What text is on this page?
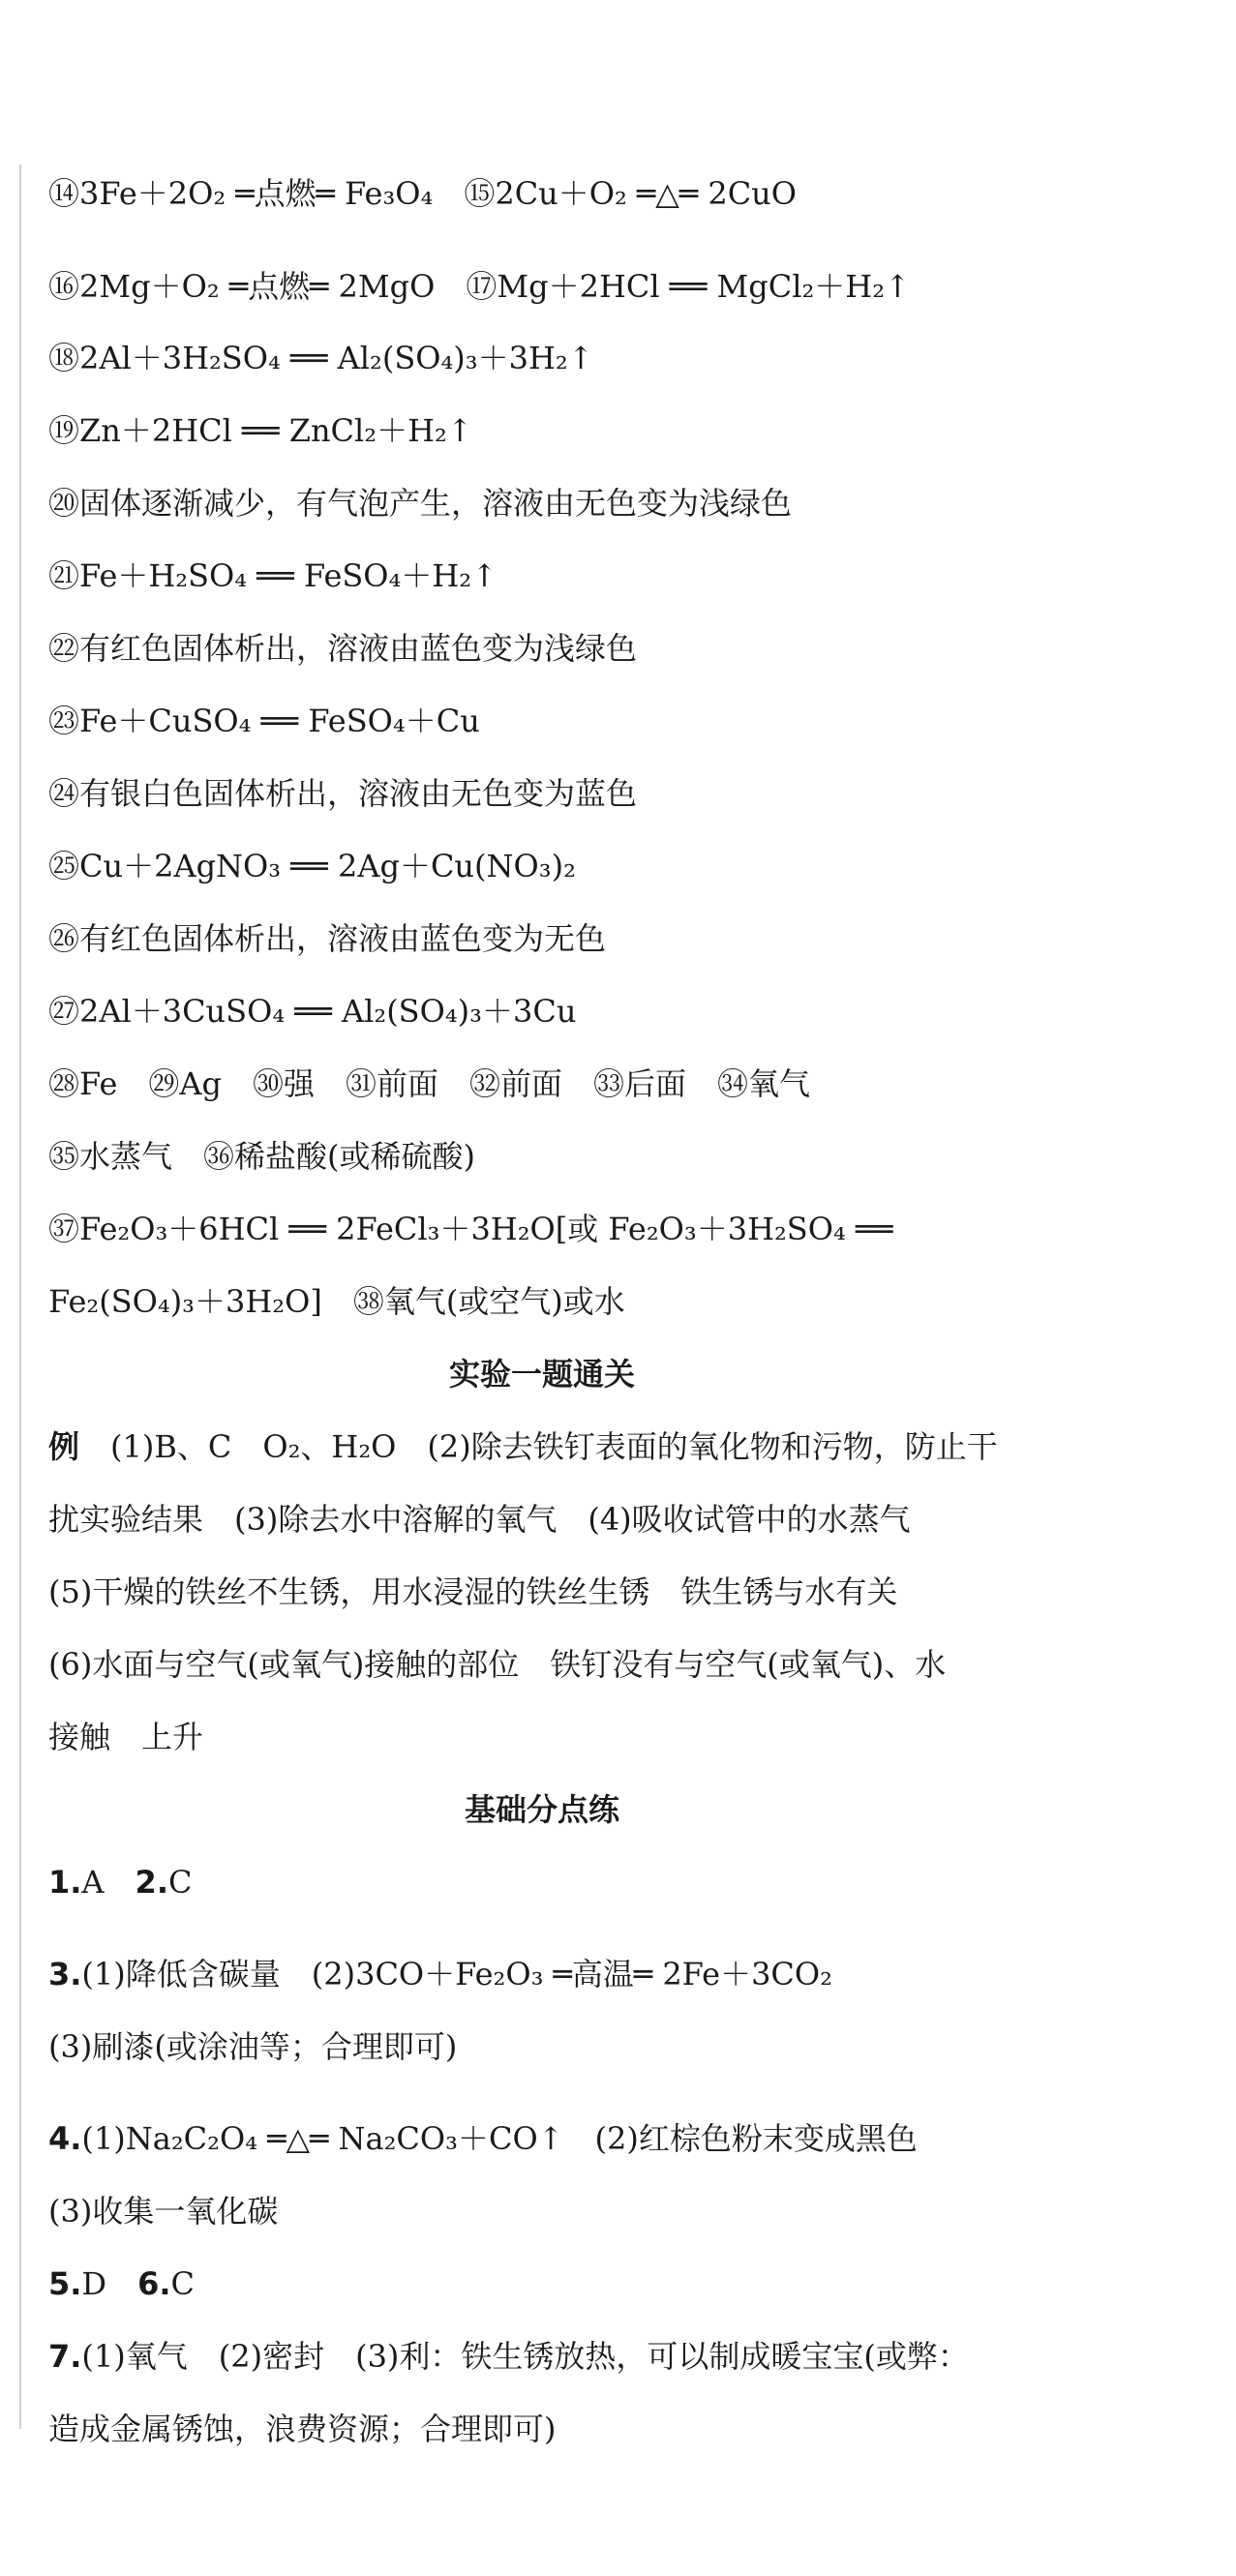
⑭3Fe＋2O₂ ═点燃═ Fe₃O₄　⑮2Cu＋O₂ ═△═ 2CuO
⑯2Mg＋O₂ ═点燃═ 2MgO　⑰Mg＋2HCl ══ MgCl₂＋H₂↑
⑱2Al＋3H₂SO₄ ══ Al₂(SO₄)₃＋3H₂↑
⑲Zn＋2HCl ══ ZnCl₂＋H₂↑
⑳固体逐渐减少，有气泡产生，溶液由无色变为浅绿色
㉑Fe＋H₂SO₄ ══ FeSO₄＋H₂↑
㉒有红色固体析出，溶液由蓝色变为浅绿色
㉓Fe＋CuSO₄ ══ FeSO₄＋Cu
㉔有银白色固体析出，溶液由无色变为蓝色
㉕Cu＋2AgNO₃ ══ 2Ag＋Cu(NO₃)₂
㉖有红色固体析出，溶液由蓝色变为无色
㉗2Al＋3CuSO₄ ══ Al₂(SO₄)₃＋3Cu
㉘Fe　㉙Ag　㉚强　㉛前面　㉜前面　㉝后面　㉞氧气
㉟水蒸气　㊱稀盐酸(或稀硫酸)
㊲Fe₂O₃＋6HCl ══ 2FeCl₃＋3H₂O[或 Fe₂O₃＋3H₂SO₄ ══
Fe₂(SO₄)₃＋3H₂O]　㊳氧气(或空气)或水
实验一题通关
例　 (1)B、C　O₂、H₂O　(2)除去铁钉表面的氧化物和污物，防止干
扰实验结果　(3)除去水中溶解的氧气　(4)吸收试管中的水蒸气
(5)干燥的铁丝不生锈，用水浸湿的铁丝生锈　铁生锈与水有关
(6)水面与空气(或氧气)接触的部位　铁钉没有与空气(或氧气)、水
接触　上升
基础分点练
1.A　2.C
3.(1)降低含碳量　(2)3CO＋Fe₂O₃ ═高温═ 2Fe＋3CO₂
(3)刷漆(或涂油等；合理即可)
4.(1)Na₂C₂O₄ ═△═ Na₂CO₃＋CO↑　(2)红棕色粉末变成黑色
(3)收集一氧化碳
5.D　6.C
7.(1)氧气　(2)密封　(3)利：铁生锈放热，可以制成暖宝宝(或弊：
造成金属锈蚀，浪费资源；合理即可)
